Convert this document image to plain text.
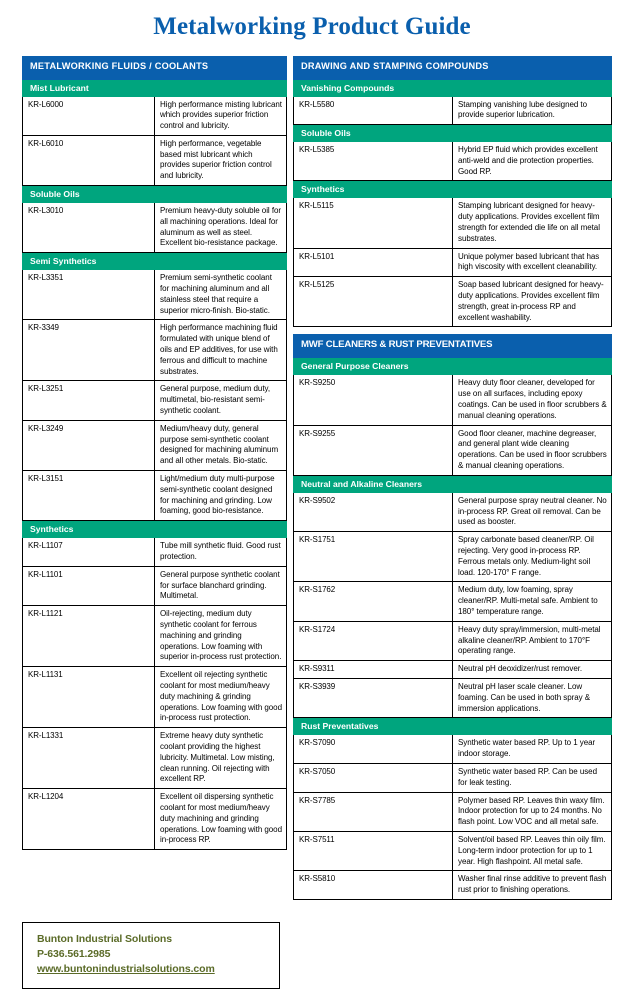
Metalworking Product Guide
METALWORKING FLUIDS / COOLANTS	
Mist Lubricant	
KR-L6000	High performance misting lubricant which provides superior friction control and lubricity.
KR-L6010	High performance, vegetable based mist lubricant which provides superior friction control and lubricity.
Soluble Oils	
KR-L3010	Premium heavy-duty soluble oil for all machining operations. Ideal for aluminum as well as steel. Excellent bio-resistance package.
Semi Synthetics	
KR-L3351	Premium semi-synthetic coolant for machining aluminum and all stainless steel that require a superior micro-finish. Bio-static.
KR-3349	High performance machining fluid formulated with unique blend of oils and EP additives, for use with ferrous and difficult to machine substrates.
KR-L3251	General purpose, medium duty, multimetal, bio-resistant semi-synthetic coolant.
KR-L3249	Medium/heavy duty, general purpose semi-synthetic coolant designed for machining aluminum and all other metals. Bio-static.
KR-L3151	Light/medium duty multi-purpose semi-synthetic coolant designed for machining and grinding. Low foaming, good bio-resistance.
Synthetics	
KR-L1107	Tube mill synthetic fluid. Good rust protection.
KR-L1101	General purpose synthetic coolant for surface blanchard grinding. Multimetal.
KR-L1121	Oil-rejecting, medium duty synthetic coolant for ferrous machining and grinding operations. Low foaming with superior in-process rust protection.
KR-L1131	Excellent oil rejecting synthetic coolant for most medium/heavy duty machining & grinding operations. Low foaming with good in-process rust protection.
KR-L1331	Extreme heavy duty synthetic coolant providing the highest lubricity. Multimetal. Low misting, clean running. Oil rejecting with excellent RP.
KR-L1204	Excellent oil dispersing synthetic coolant for most medium/heavy duty machining and grinding operations. Low foaming with good in-process RP.
DRAWING AND STAMPING COMPOUNDS	
Vanishing Compounds	
KR-L5580	Stamping vanishing lube designed to provide superior lubrication.
Soluble Oils	
KR-L5385	Hybrid EP fluid which provides excellent anti-weld and die protection properties. Good RP.
Synthetics	
KR-L5115	Stamping lubricant designed for heavy-duty applications. Provides excellent film strength for extended die life on all metal substrates.
KR-L5101	Unique polymer based lubricant that has high viscosity with excellent cleanability.
KR-L5125	Soap based lubricant designed for heavy-duty applications. Provides excellent film strength, great in-process RP and excellent washability.
MWF CLEANERS & RUST PREVENTATIVES	
General Purpose Cleaners	
KR-S9250	Heavy duty floor cleaner, developed for use on all surfaces, including epoxy coatings. Can be used in floor scrubbers & manual cleaning operations.
KR-S9255	Good floor cleaner, machine degreaser, and general plant wide cleaning operations. Can be used in floor scrubbers & manual cleaning operations.
Neutral and Alkaline Cleaners	
KR-S9502	General purpose spray neutral cleaner. No in-process RP. Great oil removal. Can be used as booster.
KR-S1751	Spray carbonate based cleaner/RP. Oil rejecting. Very good in-process RP. Ferrous metals only. Medium-light soil load. 120-170° F range.
KR-S1762	Medium duty, low foaming, spray cleaner/RP. Multi-metal safe. Ambient to 180° temperature range.
KR-S1724	Heavy duty spray/immersion, multi-metal alkaline cleaner/RP. Ambient to 170°F operating range.
KR-S9311	Neutral pH deoxidizer/rust remover.
KR-S3939	Neutral pH laser scale cleaner. Low foaming. Can be used in both spray & immersion applications.
Rust Preventatives	
KR-S7090	Synthetic water based RP. Up to 1 year indoor storage.
KR-S7050	Synthetic water based RP. Can be used for leak testing.
KR-S7785	Polymer based RP. Leaves thin waxy film. Indoor protection for up to 24 months. No flash point. Low VOC and all metal safe.
KR-S7511	Solvent/oil based RP. Leaves thin oily film. Long-term indoor protection for up to 1 year. High flashpoint. All metal safe.
KR-S5810	Washer final rinse additive to prevent flash rust prior to finishing operations.
Bunton Industrial Solutions
P-636.561.2985
www.buntonindustrialsolutions.com
